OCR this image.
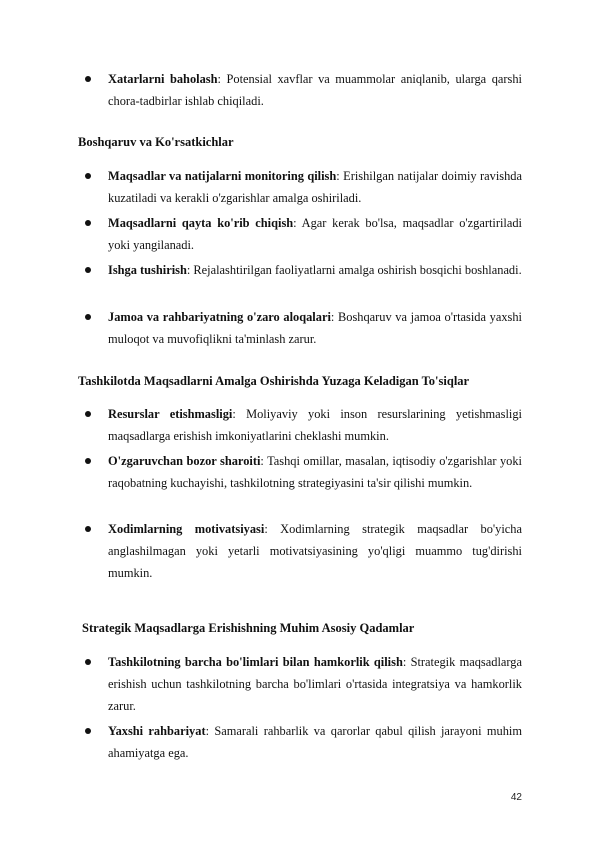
Xatarlarni baholash: Potensial xavflar va muammolar aniqlanib, ularga qarshi chora-tadbirlar ishlab chiqiladi.
Boshqaruv va Ko'rsatkichlar
Maqsadlar va natijalarni monitoring qilish: Erishilgan natijalar doimiy ravishda kuzatiladi va kerakli o'zgarishlar amalga oshiriladi.
Maqsadlarni qayta ko'rib chiqish: Agar kerak bo'lsa, maqsadlar o'zgartiriladi yoki yangilanadi.
Ishga tushirish: Rejalashtirilgan faoliyatlarni amalga oshirish bosqichi boshlanadi.
Jamoa va rahbariyatning o'zaro aloqalari: Boshqaruv va jamoa o'rtasida yaxshi muloqot va muvofiqlikni ta'minlash zarur.
Tashkilotda Maqsadlarni Amalga Oshirishda Yuzaga Keladigan To'siqlar
Resurslar etishmasligi: Moliyaviy yoki inson resurslarining yetishmasligi maqsadlarga erishish imkoniyatlarini cheklashi mumkin.
O'zgaruvchan bozor sharoiti: Tashqi omillar, masalan, iqtisodiy o'zgarishlar yoki raqobatning kuchayishi, tashkilotning strategiyasini ta'sir qilishi mumkin.
Xodimlarning motivatsiyasi: Xodimlarning strategik maqsadlar bo'yicha anglashilmagan yoki yetarli motivatsiyasining yo'qligi muammo tug'dirishi mumkin.
Strategik Maqsadlarga Erishishning Muhim Asosiy Qadamlar
Tashkilotning barcha bo'limlari bilan hamkorlik qilish: Strategik maqsadlarga erishish uchun tashkilotning barcha bo'limlari o'rtasida integratsiya va hamkorlik zarur.
Yaxshi rahbariyat: Samarali rahbarlik va qarorlar qabul qilish jarayoni muhim ahamiyatga ega.
42
